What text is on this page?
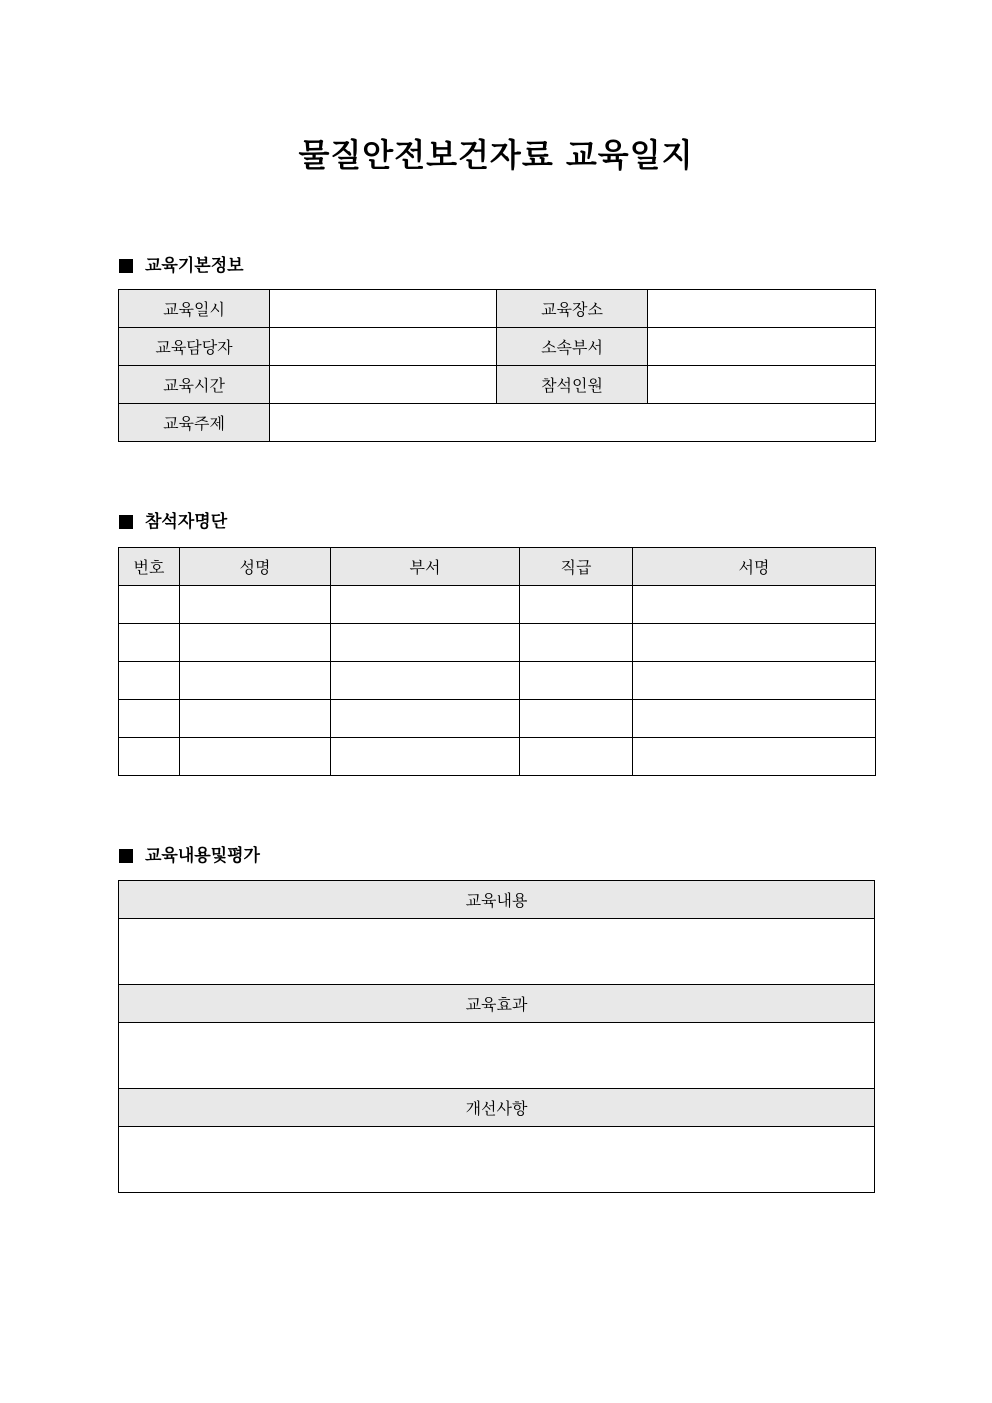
물질안전보건자료 교육일지
교육기본정보
교육일시		교육장소	
교육담당자		소속부서	
교육시간		참석인원	
교육주제			
참석자명단
번호	성명	부서	직급	서명

교육내용및평가
교육내용

교육효과

개선사항
